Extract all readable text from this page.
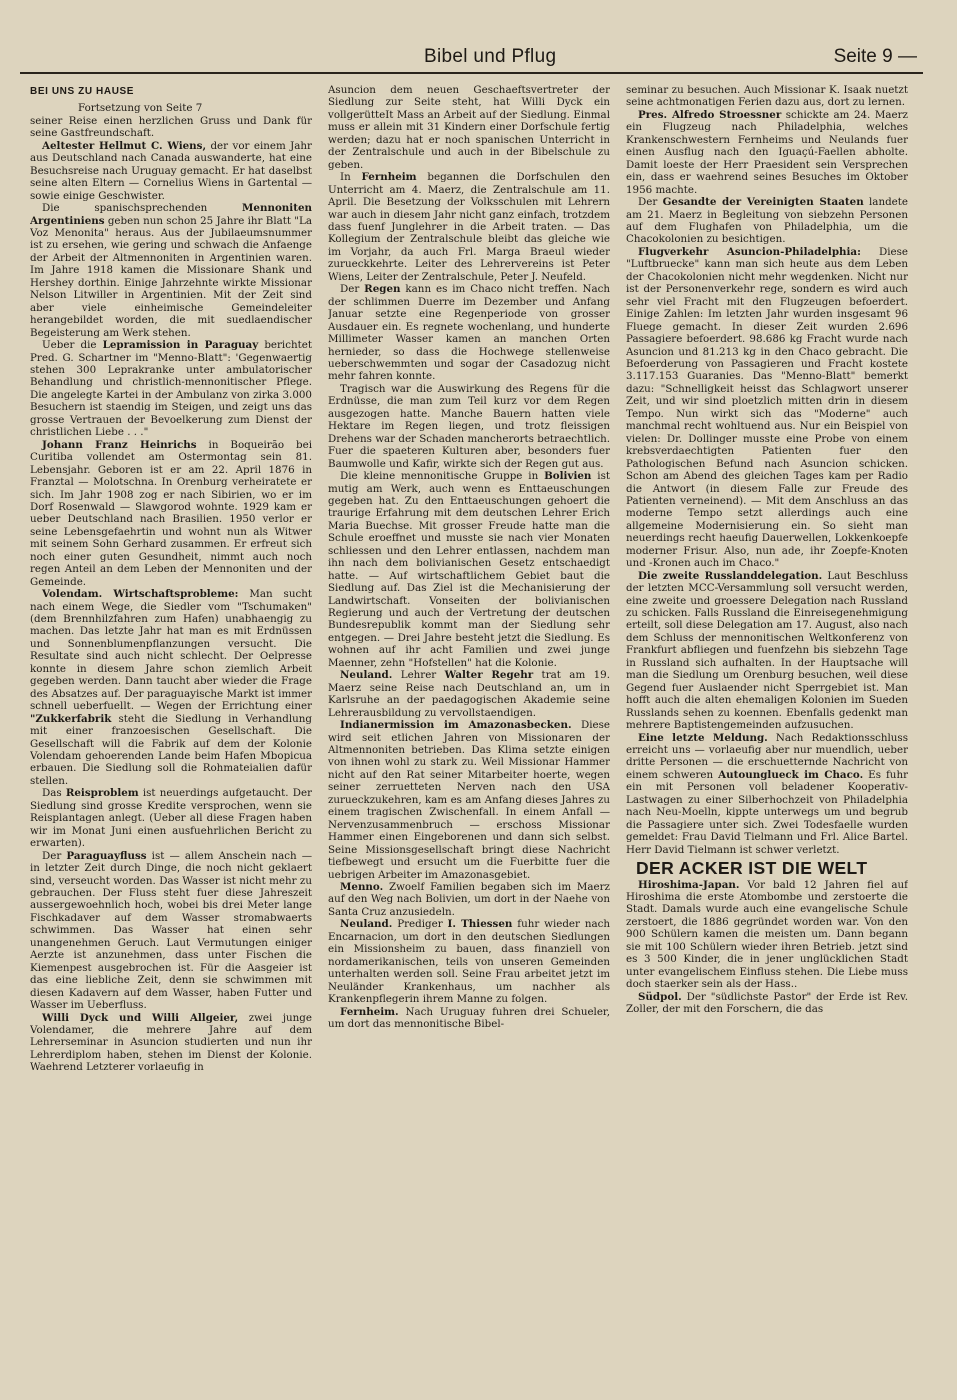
Bibel und Pflug	Seite 9 —
BEI UNS ZU HAUSE

Fortsetzung von Seite 7

seiner Reise einen herzlichen Gruss und Dank für seine Gastfreundschaft.

Aeltester Hellmut C. Wiens, der vor einem Jahr aus Deutschland nach Canada auswanderte, hat eine Besuchsreise nach Uruguay gemacht. Er hat daselbst seine alten Eltern — Cornelius Wiens in Gartental — sowie einige Geschwister.

Die spanischsprechenden Mennoniten Argentiniens geben nun schon 25 Jahre ihr Blatt "La Voz Menonita" heraus. Aus der Jubilaeumsnummer ist zu ersehen, wie gering und schwach die Anfaenge der Arbeit der Altmennoniten in Argentinien waren. Im Jahre 1918 kamen die Missionare Shank und Hershey dorthin. Einige Jahrzehnte wirkte Missionar Nelson Litwiller in Argentinien. Mit der Zeit sind aber viele einheimische Gemeindeleiter herangebildet worden, die mit suedlaendischer Begeisterung am Werk stehen.

Ueber die Lepramission in Paraguay berichtet Pred. G. Schartner im "Menno-Blatt": 'Gegenwaertig stehen 300 Leprakranke unter ambulatorischer Behandlung und christlich-mennonitischer Pflege. Die angelegte Kartei in der Ambulanz von zirka 3.000 Besuchern ist staendig im Steigen, und zeigt uns das grosse Vertrauen der Bevoelkerung zum Dienst der christlichen Liebe . . ."

Johann Franz Heinrichs in Boqueirão bei Curitiba vollendet am Ostermontag sein 81. Lebensjahr. Geboren ist er am 22. April 1876 in Franztal — Molotschna. In Orenburg verheiratete er sich. Im Jahr 1908 zog er nach Sibirien, wo er im Dorf Rosenwald — Slawgorod wohnte. 1929 kam er ueber Deutschland nach Brasilien. 1950 verlor er seine Lebensgefaehrtin und wohnt nun als Witwer mit seinem Sohn Gerhard zusammen. Er erfreut sich noch einer guten Gesundheit, nimmt auch noch regen Anteil an dem Leben der Mennoniten und der Gemeinde.

Volendam. Wirtschaftsprobleme: Man sucht nach einem Wege, die Siedler vom "Tschumaken" (dem Brennhilzfahren zum Hafen) unabhaengig zu machen. Das letzte Jahr hat man es mit Erdnüssen und Sonnenblumenpflanzungen versucht. Die Resultate sind auch nicht schlecht. Der Oelpresse konnte in diesem Jahre schon ziemlich Arbeit gegeben werden. Dann taucht aber wieder die Frage des Absatzes auf. Der paraguayische Markt ist immer schnell ueberfuellt. — Wegen der Errichtung einer "Zukkerfabrik steht die Siedlung in Verhandlung mit einer franzoesischen Gesellschaft. Die Gesellschaft will die Fabrik auf dem der Kolonie Volendam gehoerenden Lande beim Hafen Mbopicua erbauen. Die Siedlung soll die Rohmateialien dafür stellen.

Das Reisproblem ist neuerdings aufgetaucht. Der Siedlung sind grosse Kredite versprochen, wenn sie Reisplantagen anlegt. (Ueber all diese Fragen haben wir im Monat Juni einen ausfuehrlichen Bericht zu erwarten).

Der Paraguayfluss ist — allem Anschein nach — in letzter Zeit durch Dinge, die noch nicht geklaert sind, verseucht worden. Das Wasser ist nicht mehr zu gebrauchen. Der Fluss steht fuer diese Jahreszeit aussergewoehnlich hoch, wobei bis drei Meter lange Fischkadaver auf dem Wasser stromabwaerts schwimmen. Das Wasser hat einen sehr unangenehmen Geruch. Laut Vermutungen einiger Aerzte ist anzunehmen, dass unter Fischen die Kiemenpest ausgebrochen ist. Für die Aasgeier ist das eine liebliche Zeit, denn sie schwimmen mit diesen Kadavern auf dem Wasser, haben Futter und Wasser im Ueberfluss.

Willi Dyck und Willi Allgeier, zwei junge Volendamer, die mehrere Jahre auf dem Lehrerseminar in Asuncion studierten und nun ihr Lehrerdiplom haben, stehen im Dienst der Kolonie. Waehrend Letzterer vorlaeufig in

Asuncion dem neuen Geschaeftsvertreter der Siedlung zur Seite steht, hat Willi Dyck ein vollgerütteIt Mass an Arbeit auf der Siedlung. Einmal muss er allein mit 31 Kindern einer Dorfschule fertig werden; dazu hat er noch spanischen Unterricht in der Zentralschule und auch in der Bibelschule zu geben.

In Fernheim begannen die Dorfschulen den Unterricht am 4. Maerz, die Zentralschule am 11. April. Die Besetzung der Volksschulen mit Lehrern war auch in diesem Jahr nicht ganz einfach, trotzdem dass fuenf Junglehrer in die Arbeit traten. — Das Kollegium der Zentralschule bleibt das gleiche wie im Vorjahr, da auch Frl. Marga Braeul wieder zurueckkehrte. Leiter des Lehrervereins ist Peter Wiens, Leiter der Zentralschule, Peter J. Neufeld.

Der Regen kann es im Chaco nicht treffen. Nach der schlimmen Duerre im Dezember und Anfang Januar setzte eine Regenperiode von grosser Ausdauer ein. Es regnete wochenlang, und hunderte Millimeter Wasser kamen an manchen Orten hernieder, so dass die Hochwege stellenweise ueberschwemmten und sogar der Casadozug nicht mehr fahren konnte.

Tragisch war die Auswirkung des Regens für die Erdnüsse, die man zum Teil kurz vor dem Regen ausgezogen hatte. Manche Bauern hatten viele Hektare im Regen liegen, und trotz fleissigen Drehens war der Schaden mancherorts betraechtlich. Fuer die spaeteren Kulturen aber, besonders fuer Baumwolle und Kafir, wirkte sich der Regen gut aus.

Die kleine mennonitische Gruppe in Bolivien ist mutig am Werk, auch wenn es Enttaeuschungen gegeben hat. Zu den Enttaeuschungen gehoert die traurige Erfahrung mit dem deutschen Lehrer Erich Maria Buechse. Mit grosser Freude hatte man die Schule eroeffnet und musste sie nach vier Monaten schliessen und den Lehrer entlassen, nachdem man ihn nach dem bolivianischen Gesetz entschaedigt hatte. — Auf wirtschaftlichem Gebiet baut die Siedlung auf. Das Ziel ist die Mechanisierung der Landwirtschaft. Vonseiten der bolivianischen Regierung und auch der Vertretung der deutschen Bundesrepublik kommt man der Siedlung sehr entgegen. — Drei Jahre besteht jetzt die Siedlung. Es wohnen auf ihr acht Familien und zwei junge Maenner, zehn "Hofstellen" hat die Kolonie.

Neuland. Lehrer Walter Regehr trat am 19. Maerz seine Reise nach Deutschland an, um in Karlsruhe an der paedagogischen Akademie seine Lehrerausbildung zu vervollstaendigen.

Indianermission im Amazonasbecken. Diese wird seit etlichen Jahren von Missionaren der Altmennoniten betrieben. Das Klima setzte einigen von ihnen wohl zu stark zu. Weil Missionar Hammer nicht auf den Rat seiner Mitarbeiter hoerte, wegen seiner zerruetteten Nerven nach den USA zurueckzukehren, kam es am Anfang dieses Jahres zu einem tragischen Zwischenfall. In einem Anfall — Nervenzusammenbruch — erschoss Missionar Hammer einen Eingeborenen und dann sich selbst. Seine Missionsgesellschaft bringt diese Nachricht tiefbewegt und ersucht um die Fuerbitte fuer die uebrigen Arbeiter im Amazonasgebiet.

Menno. Zwoelf Familien begaben sich im Maerz auf den Weg nach Bolivien, um dort in der Naehe von Santa Cruz anzusiedeln.

Neuland. Prediger I. Thiessen fuhr wieder nach Encarnacion, um dort in den deutschen Siedlungen ein Missionsheim zu bauen, dass finanziell von nordamerikanischen, teils von unseren Gemeinden unterhalten werden soll. Seine Frau arbeitet jetzt im Neuländer Krankenhaus, um nachher als Krankenpflegerin ihrem Manne zu folgen.

Fernheim. Nach Uruguay fuhren drei Schueler, um dort das mennonitische Bibel-

seminar zu besuchen. Auch Missionar K. Isaak nuetzt seine achtmonatigen Ferien dazu aus, dort zu lernen.

Pres. Alfredo Stroessner schickte am 24. Maerz ein Flugzeug nach Philadelphia, welches Krankenschwestern Fernheims und Neulands fuer einen Ausflug nach den Iguaçú-Faellen abholte. Damit loeste der Herr Praesident sein Versprechen ein, dass er waehrend seines Besuches im Oktober 1956 machte.

Der Gesandte der Vereinigten Staaten landete am 21. Maerz in Begleitung von siebzehn Personen auf dem Flughafen von Philadelphia, um die Chacokolonien zu besichtigen.

Flugverkehr Asuncion-Philadelphia: Diese "Luftbruecke" kann man sich heute aus dem Leben der Chacokolonien nicht mehr wegdenken. Nicht nur ist der Personenverkehr rege, sondern es wird auch sehr viel Fracht mit den Flugzeugen befoerdert. Einige Zahlen: Im letzten Jahr wurden insgesamt 96 Fluege gemacht. In dieser Zeit wurden 2.696 Passagiere befoerdert. 98.686 kg Fracht wurde nach Asuncion und 81.213 kg in den Chaco gebracht. Die Befoerderung von Passagieren und Fracht kostete 3.117.153 Guaranies. Das "Menno-Blatt" bemerkt dazu: "Schnelligkeit heisst das Schlagwort unserer Zeit, und wir sind ploetzlich mitten drin in diesem Tempo. Nun wirkt sich das "Moderne" auch manchmal recht wohltuend aus. Nur ein Beispiel von vielen: Dr. Dollinger musste eine Probe von einem krebsverdaechtigten Patienten fuer den Pathologischen Befund nach Asuncion schicken. Schon am Abend des gleichen Tages kam per Radio die Antwort (in diesem Falle zur Freude des Patienten verneinend). — Mit dem Anschluss an das moderne Tempo setzt allerdings auch eine allgemeine Modernisierung ein. So sieht man neuerdings recht haeufig Dauerwellen, Lokkenkoepfe moderner Frisur. Also, nun ade, ihr Zoepfe-Knoten und -Kronen auch im Chaco."

Die zweite Russlanddelegation. Laut Beschluss der letzten MCC-Versammlung soll versucht werden, eine zweite und groessere Delegation nach Russland zu schicken. Falls Russland die Einreisegenehmigung erteilt, soll diese Delegation am 17. August, also nach dem Schluss der mennonitischen Weltkonferenz von Frankfurt abfliegen und fuenfzehn bis siebzehn Tage in Russland sich aufhalten. In der Hauptsache will man die Siedlung um Orenburg besuchen, weil diese Gegend fuer Auslaender nicht Sperrgebiet ist. Man hofft auch die alten ehemaligen Kolonien im Sueden Russlands sehen zu koennen. Ebenfalls gedenkt man mehrere Baptistengemeinden aufzusuchen.

Eine letzte Meldung. Nach Redaktionsschluss erreicht uns — vorlaeufig aber nur muendlich, ueber dritte Personen — die erschuetternde Nachricht von einem schweren Autounglueck im Chaco. Es fuhr ein mit Personen voll beladener Kooperativ-Lastwagen zu einer Silberhochzeit von Philadelphia nach Neu-Moelln, kippte unterwegs um und begrub die Passagiere unter sich. Zwei Todesfaelle wurden gemeldet: Frau David Tielmann und Frl. Alice Bartel. Herr David Tielmann ist schwer verletzt.

DER ACKER IST DIE WELT

Hiroshima-Japan. Vor bald 12 Jahren fiel auf Hiroshima die erste Atombombe und zerstoerte die Stadt. Damals wurde auch eine evangelische Schule zerstoert, die 1886 gegründet worden war. Von den 900 Schülern kamen die meisten um. Dann begann sie mit 100 Schülern wieder ihren Betrieb. jetzt sind es 3 500 Kinder, die in jener unglücklichen Stadt unter evangelischem Einfluss stehen. Die Liebe muss doch staerker sein als der Hass..

Südpol. Der "südlichste Pastor" der Erde ist Rev. Zoller, der mit den Forschern, die das
